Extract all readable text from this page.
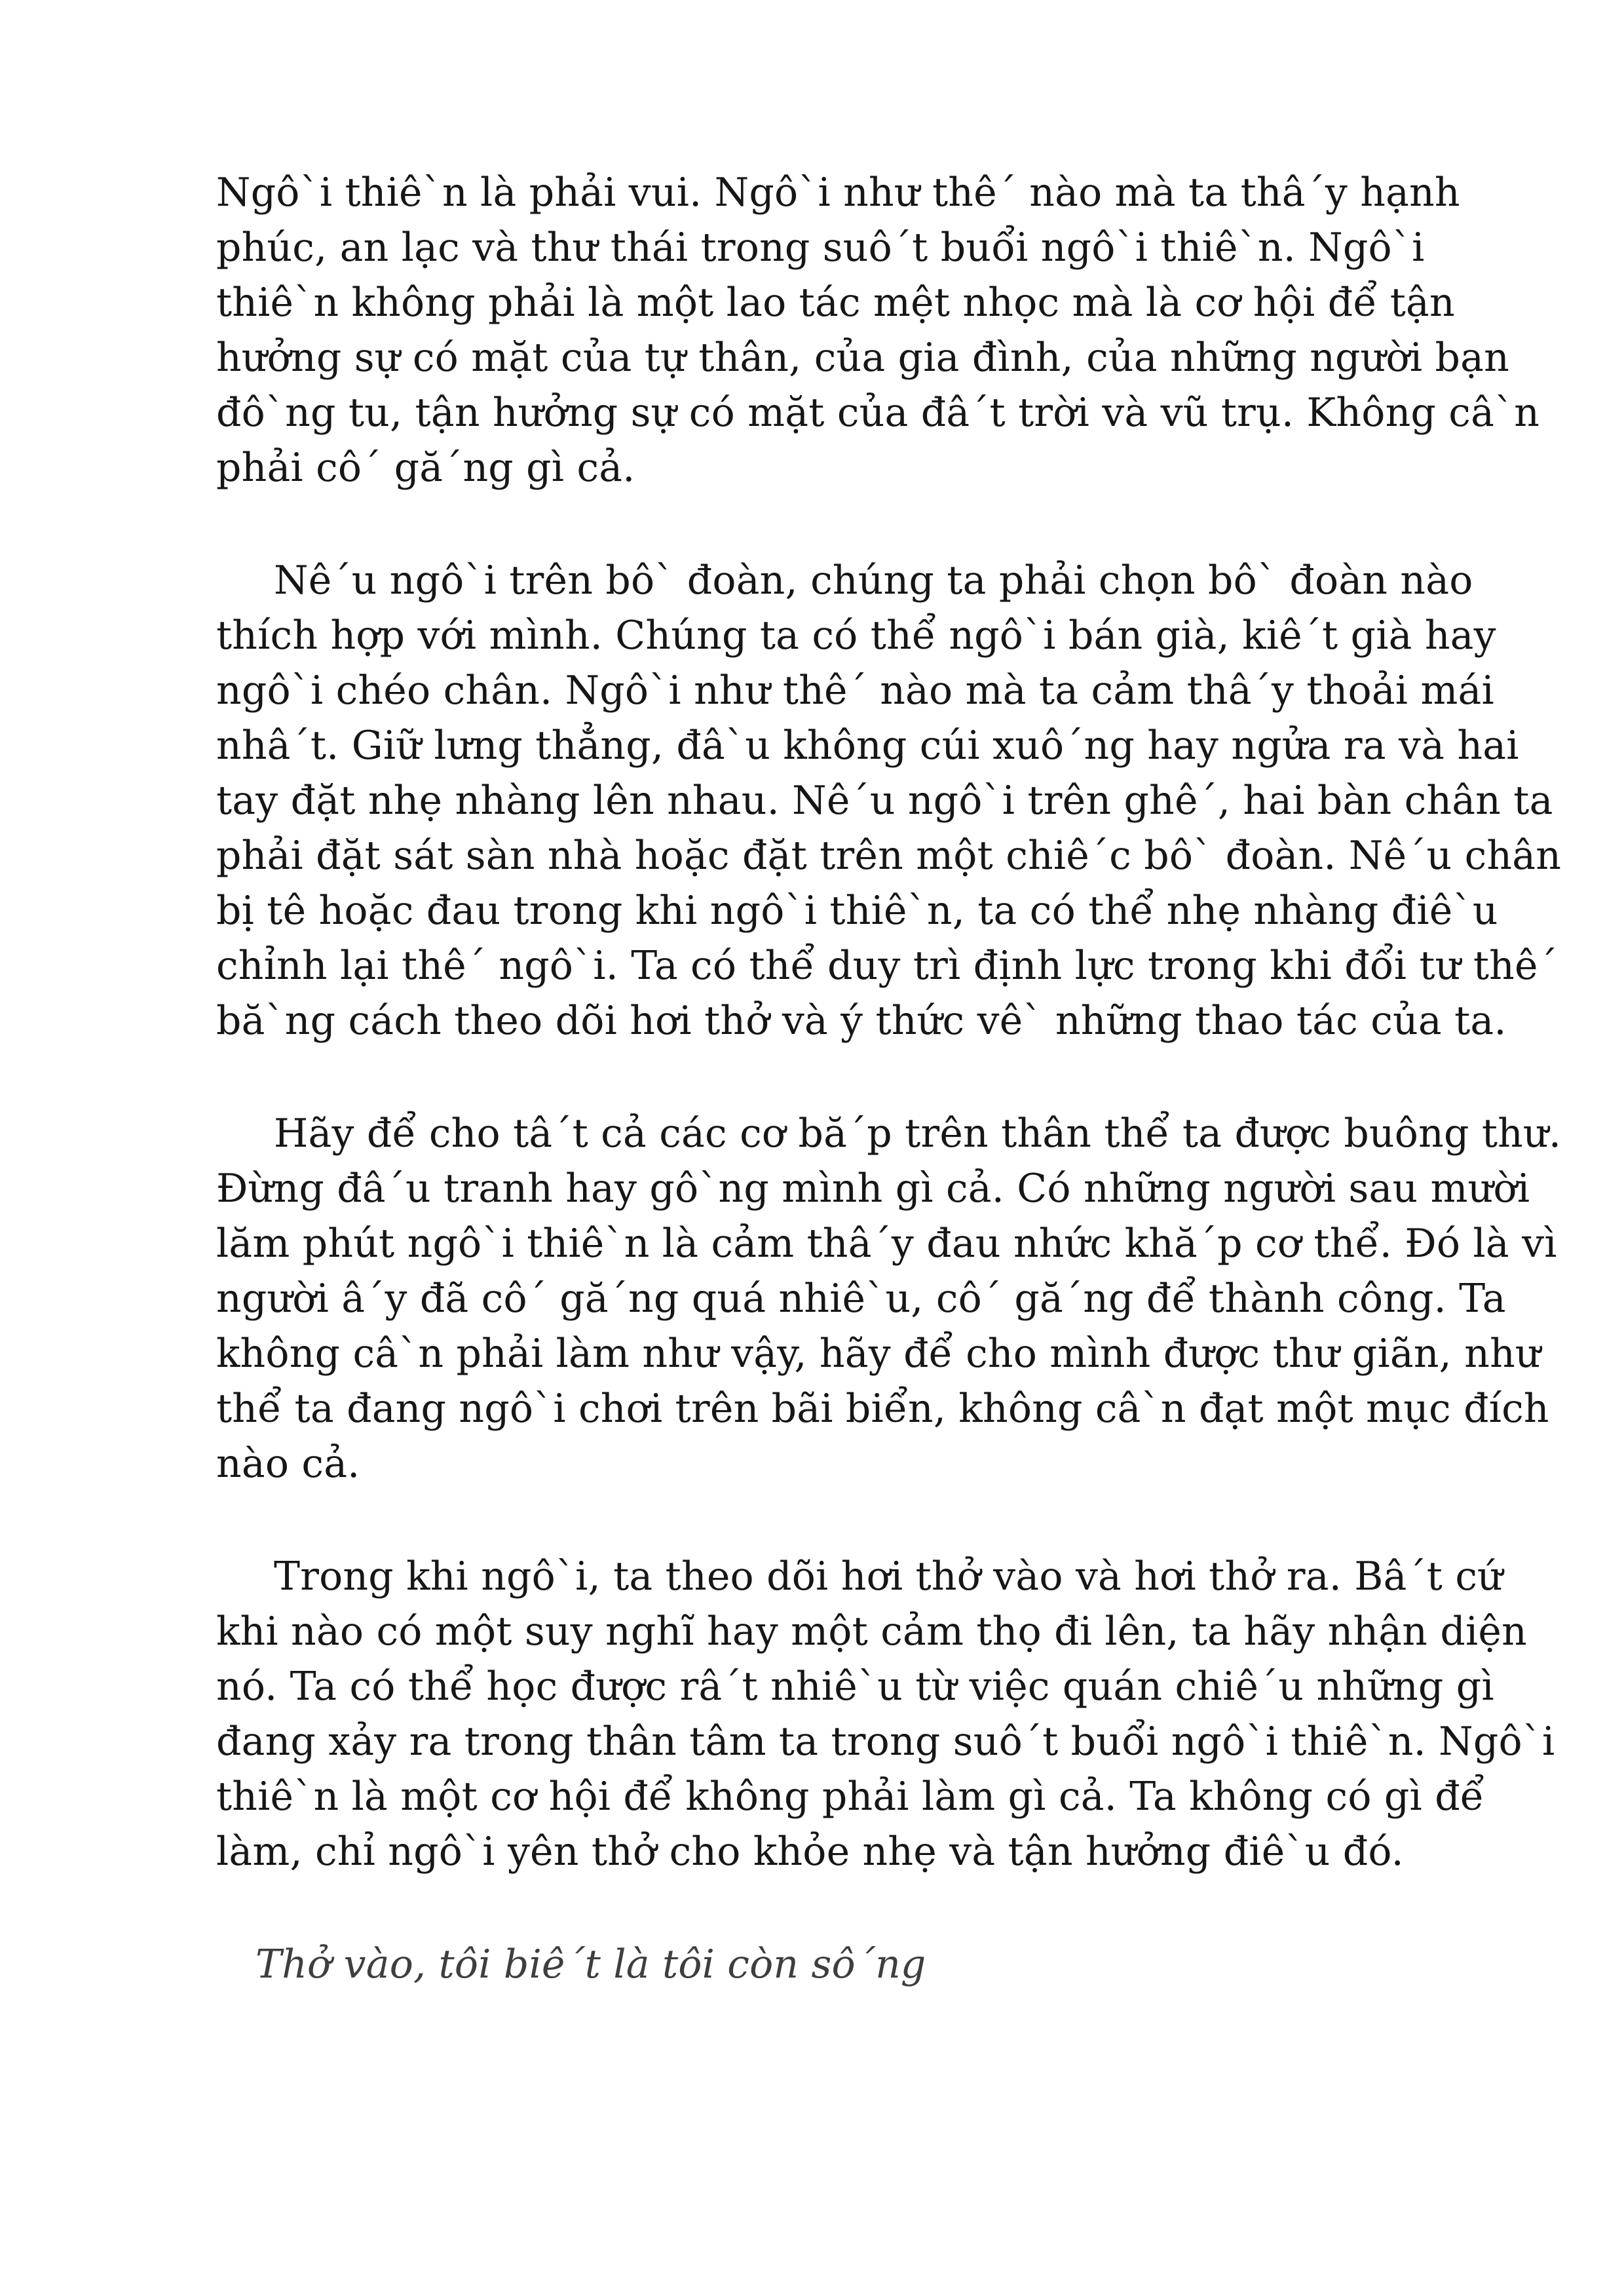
Ngô`i thiê`n là phải vui. Ngô`i như thê´ nào mà ta thâ´y hạnh
phúc, an lạc và thư thái trong suô´t buổi ngô`i thiê`n. Ngô`i
thiê`n không phải là một lao tác mệt nhọc mà là cơ hội để tận
hưởng sự có mặt của tự thân, của gia đình, của những người bạn
đô`ng tu, tận hưởng sự có mặt của đâ´t trời và vũ trụ. Không câ`n
phải cô´ gă´ng gì cả.
Nê´u ngô`i trên bô` đoàn, chúng ta phải chọn bô` đoàn nào
thích hợp với mình. Chúng ta có thể ngô`i bán già, kiê´t già hay
ngô`i chéo chân. Ngô`i như thê´ nào mà ta cảm thâ´y thoải mái
nhâ´t. Giữ lưng thẳng, đâ`u không cúi xuô´ng hay ngửa ra và hai
tay đặt nhẹ nhàng lên nhau. Nê´u ngô`i trên ghê´, hai bàn chân ta
phải đặt sát sàn nhà hoặc đặt trên một chiê´c bô` đoàn. Nê´u chân
bị tê hoặc đau trong khi ngô`i thiê`n, ta có thể nhẹ nhàng điê`u
chỉnh lại thê´ ngô`i. Ta có thể duy trì định lực trong khi đổi tư thê´
bă`ng cách theo dõi hơi thở và ý thức vê` những thao tác của ta.
Hãy để cho tâ´t cả các cơ bă´p trên thân thể ta được buông thư.
Đừng đâ´u tranh hay gô`ng mình gì cả. Có những người sau mười
lăm phút ngô`i thiê`n là cảm thâ´y đau nhức khă´p cơ thể. Đó là vì
người â´y đã cô´ gă´ng quá nhiê`u, cô´ gă´ng để thành công. Ta
không câ`n phải làm như vậy, hãy để cho mình được thư giãn, như
thể ta đang ngô`i chơi trên bãi biển, không câ`n đạt một mục đích
nào cả.
Trong khi ngô`i, ta theo dõi hơi thở vào và hơi thở ra. Bâ´t cứ
khi nào có một suy nghĩ hay một cảm thọ đi lên, ta hãy nhận diện
nó. Ta có thể học được râ´t nhiê`u từ việc quán chiê´u những gì
đang xảy ra trong thân tâm ta trong suô´t buổi ngô`i thiê`n. Ngô`i
thiê`n là một cơ hội để không phải làm gì cả. Ta không có gì để
làm, chỉ ngô`i yên thở cho khỏe nhẹ và tận hưởng điê`u đó.
Thở vào, tôi biê´t là tôi còn sô´ng
